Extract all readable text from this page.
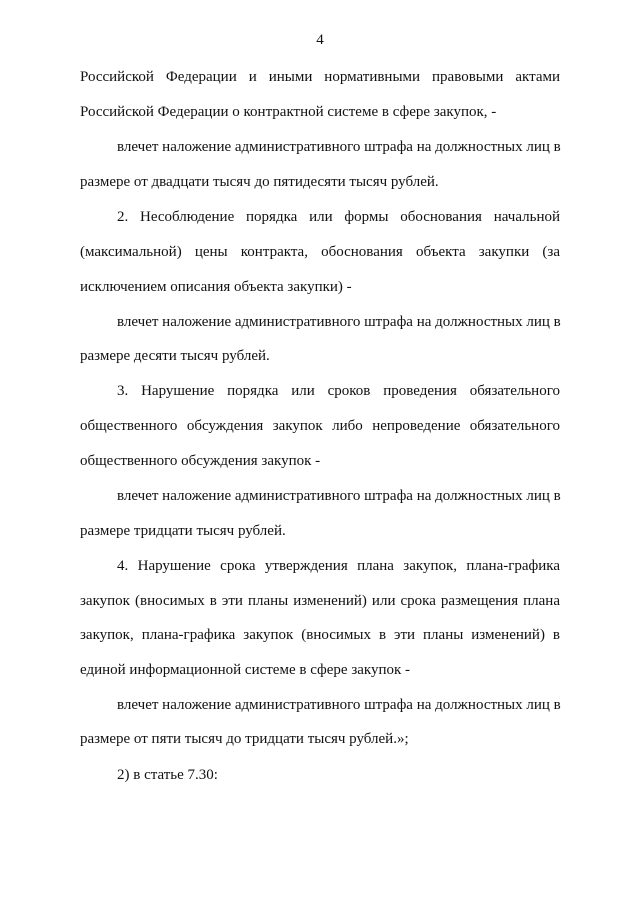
4
Российской Федерации и иными нормативными правовыми актами
Российской Федерации о контрактной системе в сфере закупок, -
влечет наложение административного штрафа на должностных лиц в
размере от двадцати тысяч до пятидесяти тысяч рублей.
2. Несоблюдение порядка или формы обоснования начальной
(максимальной) цены контракта, обоснования объекта закупки (за
исключением описания объекта закупки) -
влечет наложение административного штрафа на должностных лиц в
размере десяти тысяч рублей.
3. Нарушение порядка или сроков проведения обязательного
общественного обсуждения закупок либо непроведение обязательного
общественного обсуждения закупок -
влечет наложение административного штрафа на должностных лиц в
размере тридцати тысяч рублей.
4. Нарушение срока утверждения плана закупок, плана-графика
закупок (вносимых в эти планы изменений) или срока размещения плана
закупок, плана-графика закупок (вносимых в эти планы изменений) в
единой информационной системе в сфере закупок -
влечет наложение административного штрафа на должностных лиц в
размере от пяти тысяч до тридцати тысяч рублей.»;
2) в статье 7.30:
